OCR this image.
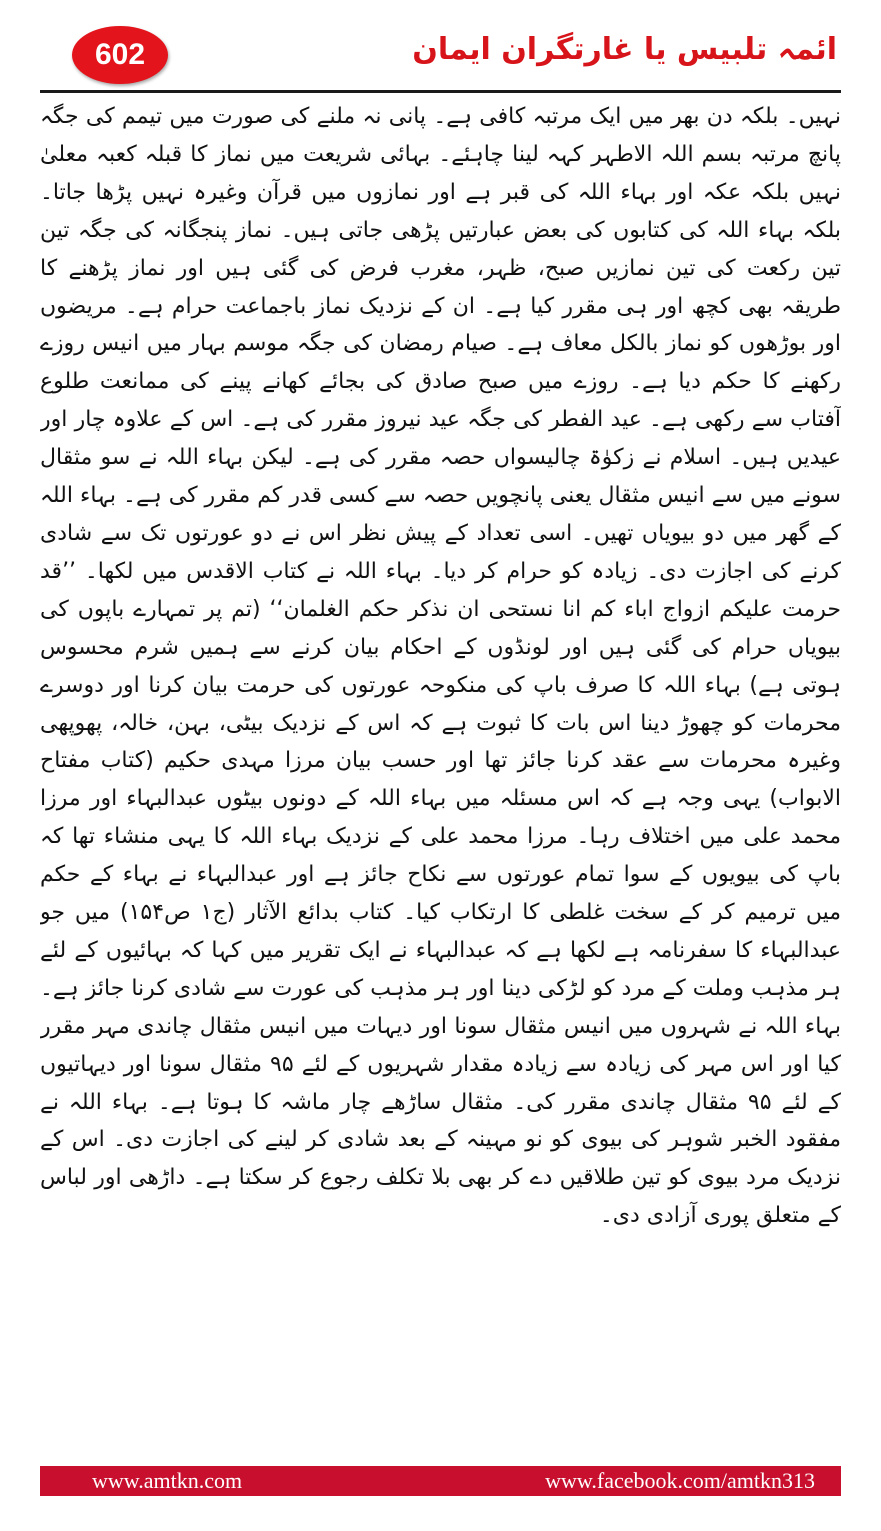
602	ائمہ تلبیس یا غارتگران ایمان

نہیں۔ بلکہ دن بھر میں ایک مرتبہ کافی ہے۔ پانی نہ ملنے کی صورت میں تیمم کی جگہ پانچ مرتبہ بسم اللہ الاطہر کہہ لینا چاہئے۔ بہائی شریعت میں نماز کا قبلہ کعبہ معلیٰ نہیں بلکہ عکہ اور بہاء اللہ کی قبر ہے اور نمازوں میں قرآن وغیرہ نہیں پڑھا جاتا۔ بلکہ بہاء اللہ کی کتابوں کی بعض عبارتیں پڑھی جاتی ہیں۔ نماز پنجگانہ کی جگہ تین تین رکعت کی تین نمازیں صبح، ظہر، مغرب فرض کی گئی ہیں اور نماز پڑھنے کا طریقہ بھی کچھ اور ہی مقرر کیا ہے۔ ان کے نزدیک نماز باجماعت حرام ہے۔ مریضوں اور بوڑھوں کو نماز بالکل معاف ہے۔ صیام رمضان کی جگہ موسم بہار میں انیس روزے رکھنے کا حکم دیا ہے۔ روزے میں صبح صادق کی بجائے کھانے پینے کی ممانعت طلوع آفتاب سے رکھی ہے۔ عید الفطر کی جگہ عید نیروز مقرر کی ہے۔ اس کے علاوہ چار اور عیدیں ہیں۔ اسلام نے زکوٰۃ چالیسواں حصہ مقرر کی ہے۔ لیکن بہاء اللہ نے سو مثقال سونے میں سے انیس مثقال یعنی پانچویں حصہ سے کسی قدر کم مقرر کی ہے۔ بہاء اللہ کے گھر میں دو بیویاں تھیں۔ اسی تعداد کے پیش نظر اس نے دو عورتوں تک سے شادی کرنے کی اجازت دی۔ زیادہ کو حرام کر دیا۔ بہاء اللہ نے کتاب الاقدس میں لکھا۔ ’’قد حرمت علیکم ازواج اباء کم انا نستحی ان نذکر حکم الغلمان‘‘ (تم پر تمہارے باپوں کی بیویاں حرام کی گئی ہیں اور لونڈوں کے احکام بیان کرنے سے ہمیں شرم محسوس ہوتی ہے) بہاء اللہ کا صرف باپ کی منکوحہ عورتوں کی حرمت بیان کرنا اور دوسرے محرمات کو چھوڑ دینا اس بات کا ثبوت ہے کہ اس کے نزدیک بیٹی، بہن، خالہ، پھوپھی وغیرہ محرمات سے عقد کرنا جائز تھا اور حسب بیان مرزا مہدی حکیم (کتاب مفتاح الابواب) یہی وجہ ہے کہ اس مسئلہ میں بہاء اللہ کے دونوں بیٹوں عبدالبہاء اور مرزا محمد علی میں اختلاف رہا۔ مرزا محمد علی کے نزدیک بہاء اللہ کا یہی منشاء تھا کہ باپ کی بیویوں کے سوا تمام عورتوں سے نکاح جائز ہے اور عبدالبہاء نے بہاء کے حکم میں ترمیم کر کے سخت غلطی کا ارتکاب کیا۔ کتاب بدائع الآثار (ج۱ ص۱۵۴) میں جو عبدالبہاء کا سفرنامہ ہے لکھا ہے کہ عبدالبہاء نے ایک تقریر میں کہا کہ بہائیوں کے لئے ہر مذہب وملت کے مرد کو لڑکی دینا اور ہر مذہب کی عورت سے شادی کرنا جائز ہے۔ بہاء اللہ نے شہروں میں انیس مثقال سونا اور دیہات میں انیس مثقال چاندی مہر مقرر کیا اور اس مہر کی زیادہ سے زیادہ مقدار شہریوں کے لئے ۹۵ مثقال سونا اور دیہاتیوں کے لئے ۹۵ مثقال چاندی مقرر کی۔ مثقال ساڑھے چار ماشہ کا ہوتا ہے۔ بہاء اللہ نے مفقود الخبر شوہر کی بیوی کو نو مہینہ کے بعد شادی کر لینے کی اجازت دی۔ اس کے نزدیک مرد بیوی کو تین طلاقیں دے کر بھی بلا تکلف رجوع کر سکتا ہے۔ داڑھی اور لباس کے متعلق پوری آزادی دی۔

www.amtkn.com	www.facebook.com/amtkn313
